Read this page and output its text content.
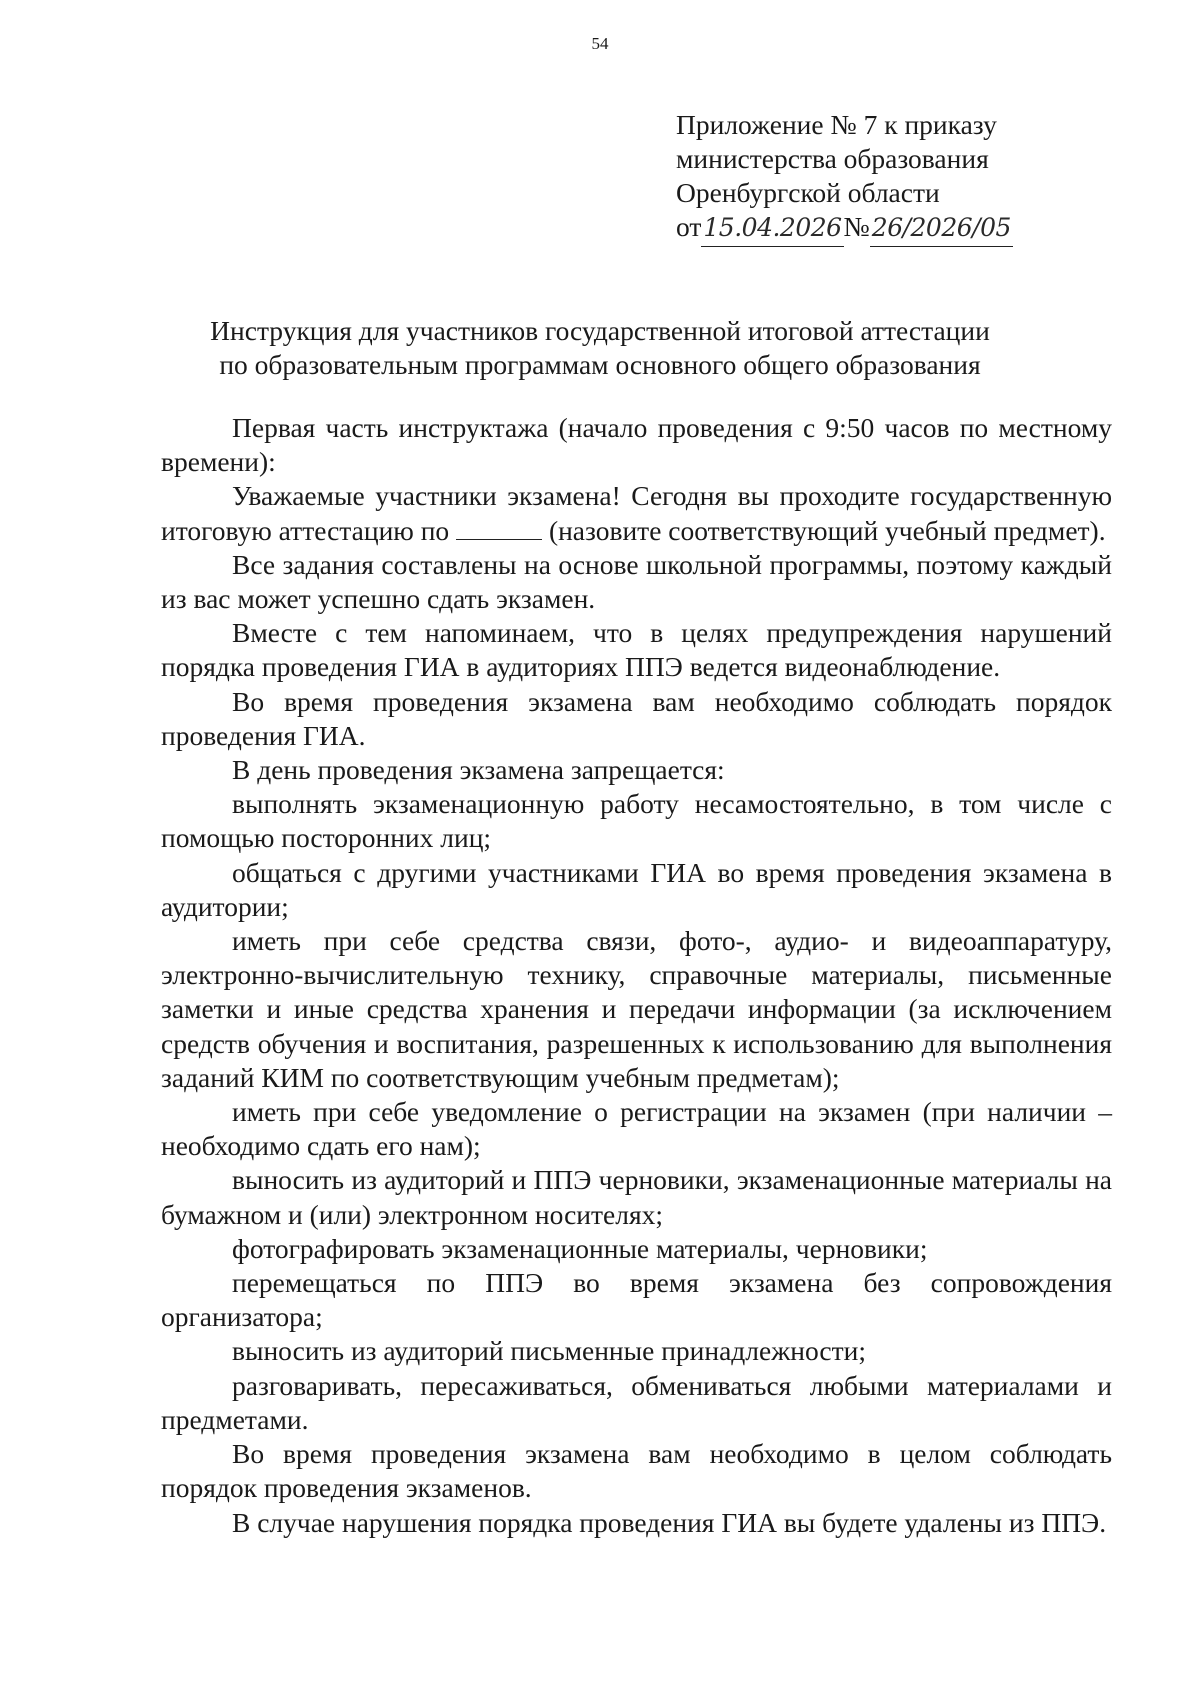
54
Приложение № 7 к приказу
министерства образования
Оренбургской области
от 15.04.2026 № 26/2026/05
Инструкция для участников государственной итоговой аттестации
по образовательным программам основного общего образования

Первая часть инструктажа (начало проведения с 9:50 часов по местному времени):

Уважаемые участники экзамена! Сегодня вы проходите государственную итоговую аттестацию по	(назовите соответствующий учебный предмет).

Все задания составлены на основе школьной программы, поэтому каждый из вас может успешно сдать экзамен.

Вместе с тем напоминаем, что в целях предупреждения нарушений порядка проведения ГИА в аудиториях ППЭ ведется видеонаблюдение.

Во время проведения экзамена вам необходимо соблюдать порядок проведения ГИА.

В день проведения экзамена запрещается:

выполнять экзаменационную работу несамостоятельно, в том числе с помощью посторонних лиц;

общаться с другими участниками ГИА во время проведения экзамена в аудитории;

иметь при себе средства связи, фото-, аудио- и видеоаппаратуру, электронно-вычислительную технику, справочные материалы, письменные заметки и иные средства хранения и передачи информации (за исключением средств обучения и воспитания, разрешенных к использованию для выполнения заданий КИМ по соответствующим учебным предметам);

иметь при себе уведомление о регистрации на экзамен (при наличии – необходимо сдать его нам);

выносить из аудиторий и ППЭ черновики, экзаменационные материалы на бумажном и (или) электронном носителях;

фотографировать экзаменационные материалы, черновики;

перемещаться по ППЭ во время экзамена без сопровождения организатора;

выносить из аудиторий письменные принадлежности;

разговаривать, пересаживаться, обмениваться любыми материалами и предметами.

Во время проведения экзамена вам необходимо в целом соблюдать порядок проведения экзаменов.

В случае нарушения порядка проведения ГИА вы будете удалены из ППЭ.
